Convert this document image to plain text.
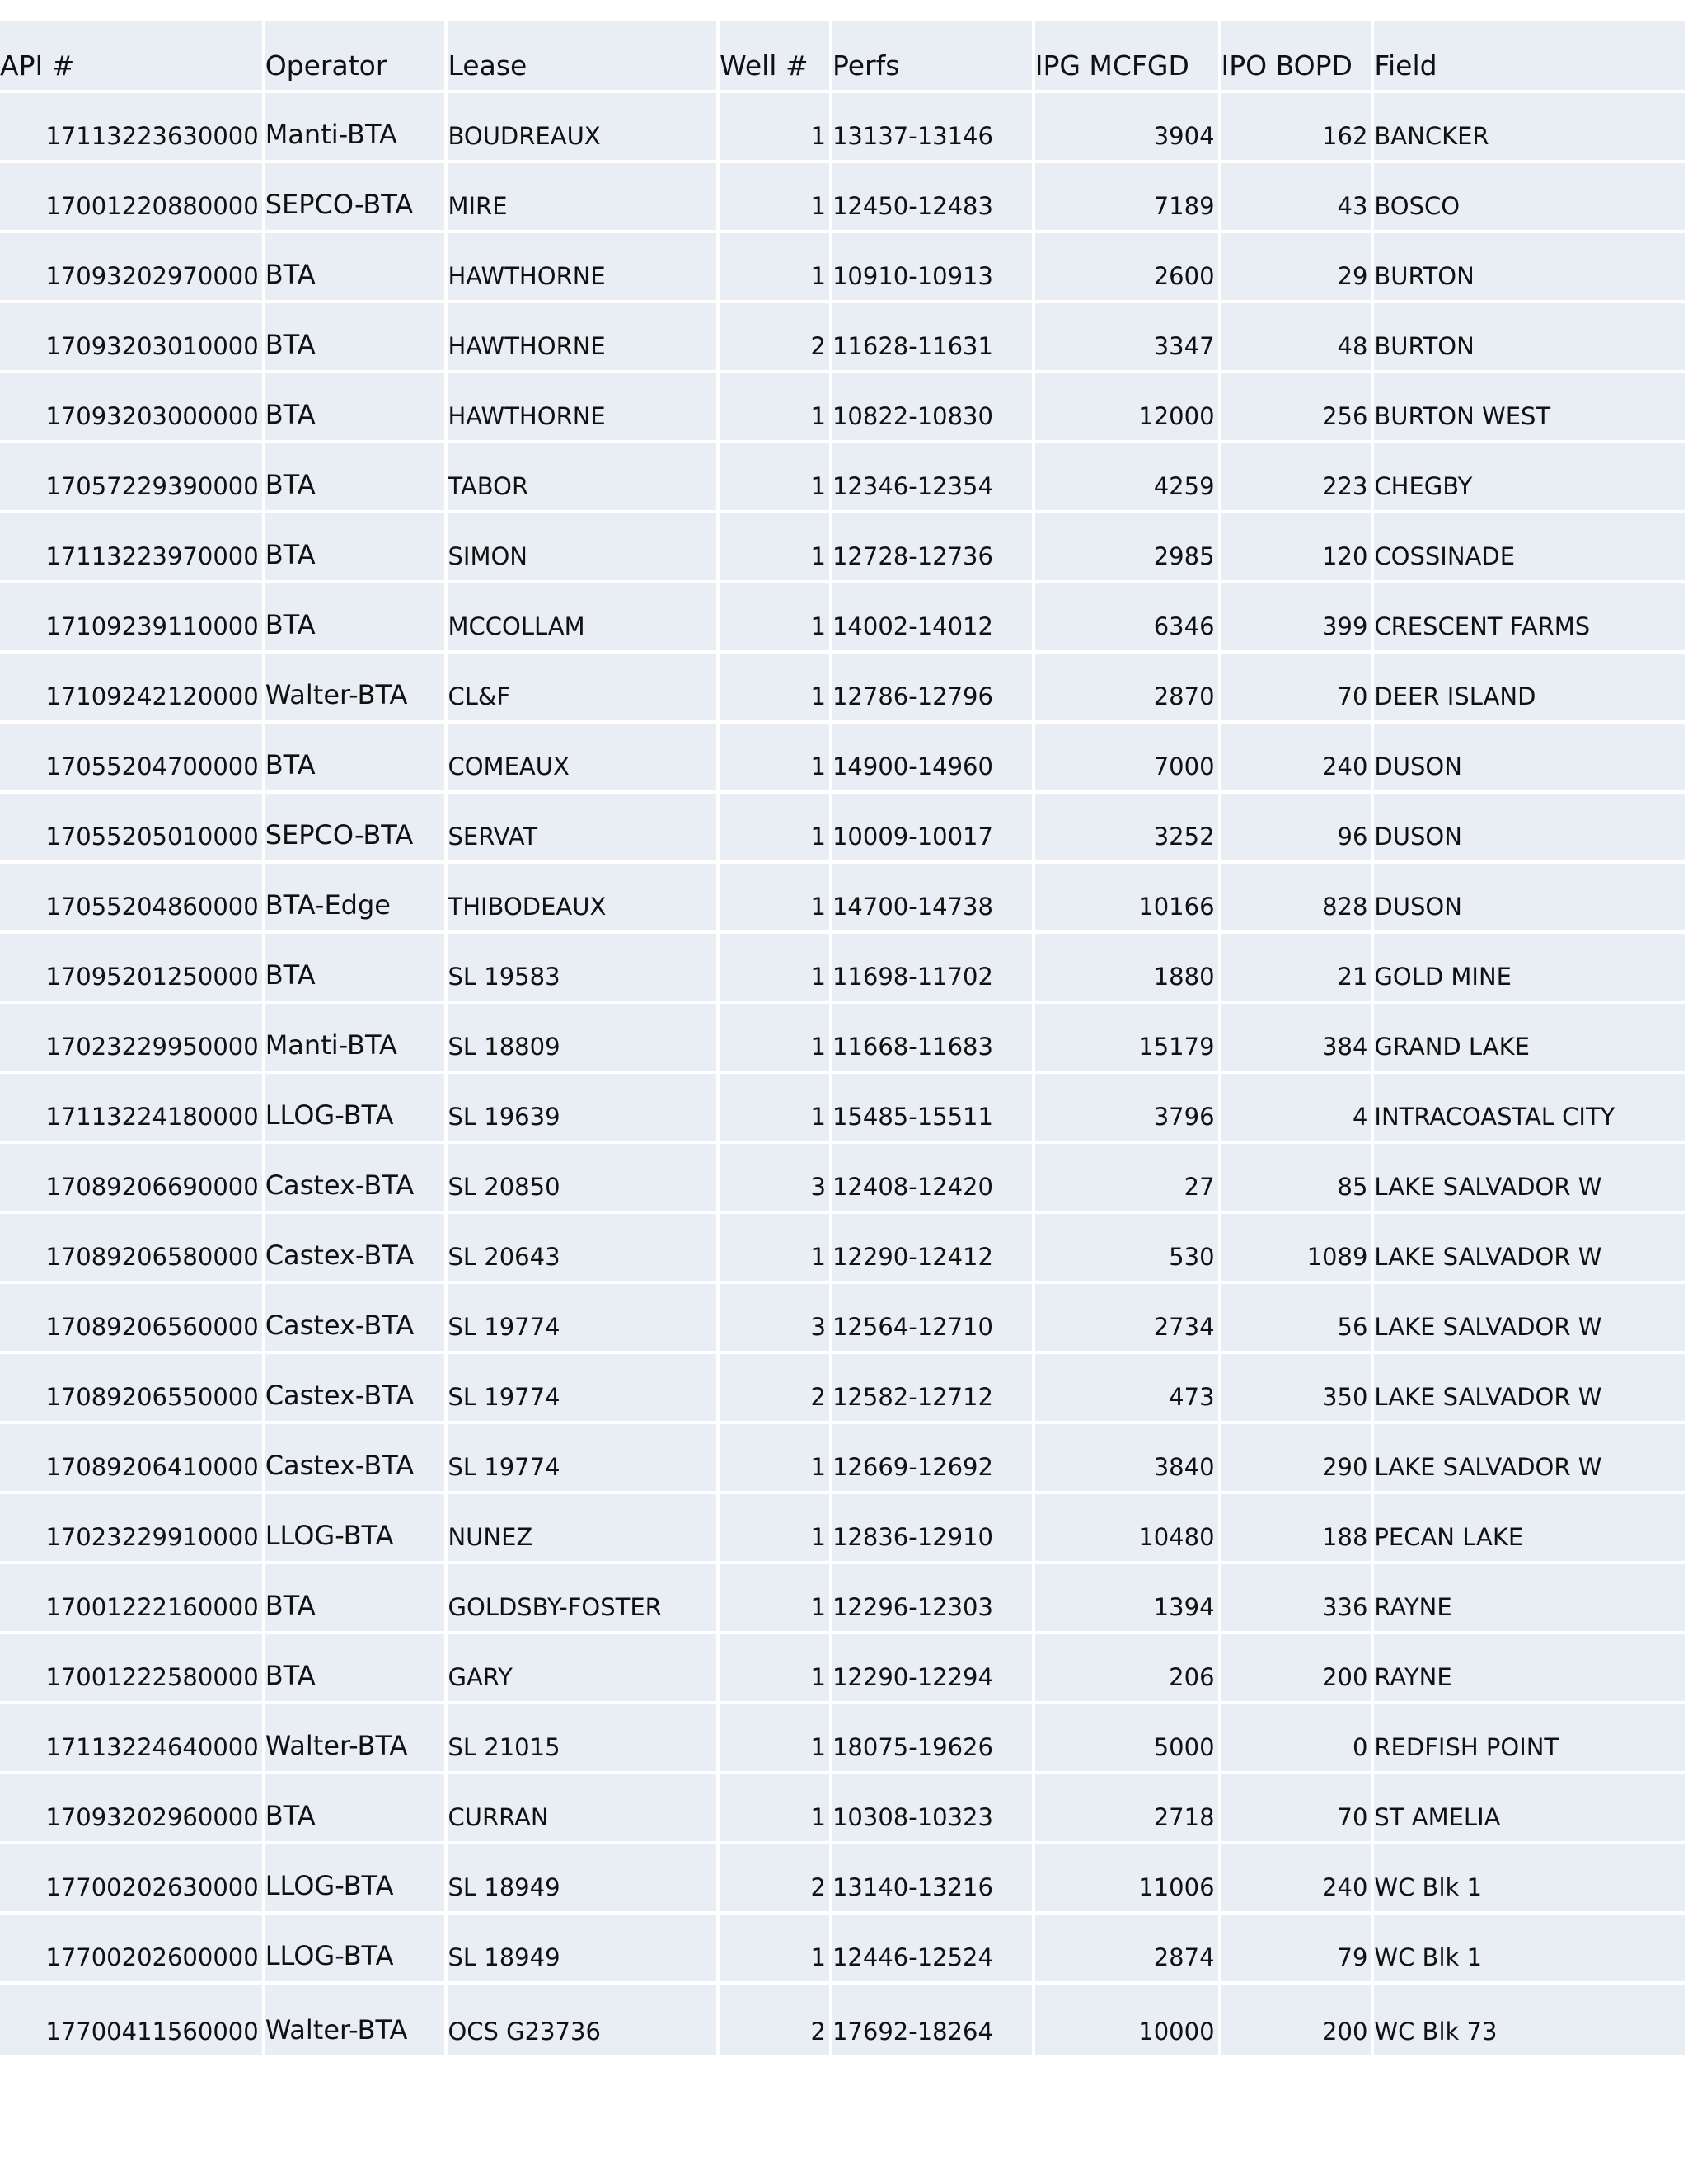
API #	Operator	Lease	Well #	Perfs	IPG MCFGD	IPO BOPD	Field
17113223630000	Manti-BTA	BOUDREAUX	1	13137-13146	3904	162	BANCKER
17001220880000	SEPCO-BTA	MIRE	1	12450-12483	7189	43	BOSCO
17093202970000	BTA	HAWTHORNE	1	10910-10913	2600	29	BURTON
17093203010000	BTA	HAWTHORNE	2	11628-11631	3347	48	BURTON
17093203000000	BTA	HAWTHORNE	1	10822-10830	12000	256	BURTON WEST
17057229390000	BTA	TABOR	1	12346-12354	4259	223	CHEGBY
17113223970000	BTA	SIMON	1	12728-12736	2985	120	COSSINADE
17109239110000	BTA	MCCOLLAM	1	14002-14012	6346	399	CRESCENT FARMS
17109242120000	Walter-BTA	CL&F	1	12786-12796	2870	70	DEER ISLAND
17055204700000	BTA	COMEAUX	1	14900-14960	7000	240	DUSON
17055205010000	SEPCO-BTA	SERVAT	1	10009-10017	3252	96	DUSON
17055204860000	BTA-Edge	THIBODEAUX	1	14700-14738	10166	828	DUSON
17095201250000	BTA	SL 19583	1	11698-11702	1880	21	GOLD MINE
17023229950000	Manti-BTA	SL 18809	1	11668-11683	15179	384	GRAND LAKE
17113224180000	LLOG-BTA	SL 19639	1	15485-15511	3796	4	INTRACOASTAL CITY
17089206690000	Castex-BTA	SL 20850	3	12408-12420	27	85	LAKE SALVADOR W
17089206580000	Castex-BTA	SL 20643	1	12290-12412	530	1089	LAKE SALVADOR W
17089206560000	Castex-BTA	SL 19774	3	12564-12710	2734	56	LAKE SALVADOR W
17089206550000	Castex-BTA	SL 19774	2	12582-12712	473	350	LAKE SALVADOR W
17089206410000	Castex-BTA	SL 19774	1	12669-12692	3840	290	LAKE SALVADOR W
17023229910000	LLOG-BTA	NUNEZ	1	12836-12910	10480	188	PECAN LAKE
17001222160000	BTA	GOLDSBY-FOSTER	1	12296-12303	1394	336	RAYNE
17001222580000	BTA	GARY	1	12290-12294	206	200	RAYNE
17113224640000	Walter-BTA	SL 21015	1	18075-19626	5000	0	REDFISH POINT
17093202960000	BTA	CURRAN	1	10308-10323	2718	70	ST AMELIA
17700202630000	LLOG-BTA	SL 18949	2	13140-13216	11006	240	WC Blk 1
17700202600000	LLOG-BTA	SL 18949	1	12446-12524	2874	79	WC Blk 1
17700411560000	Walter-BTA	OCS G23736	2	17692-18264	10000	200	WC Blk 73
